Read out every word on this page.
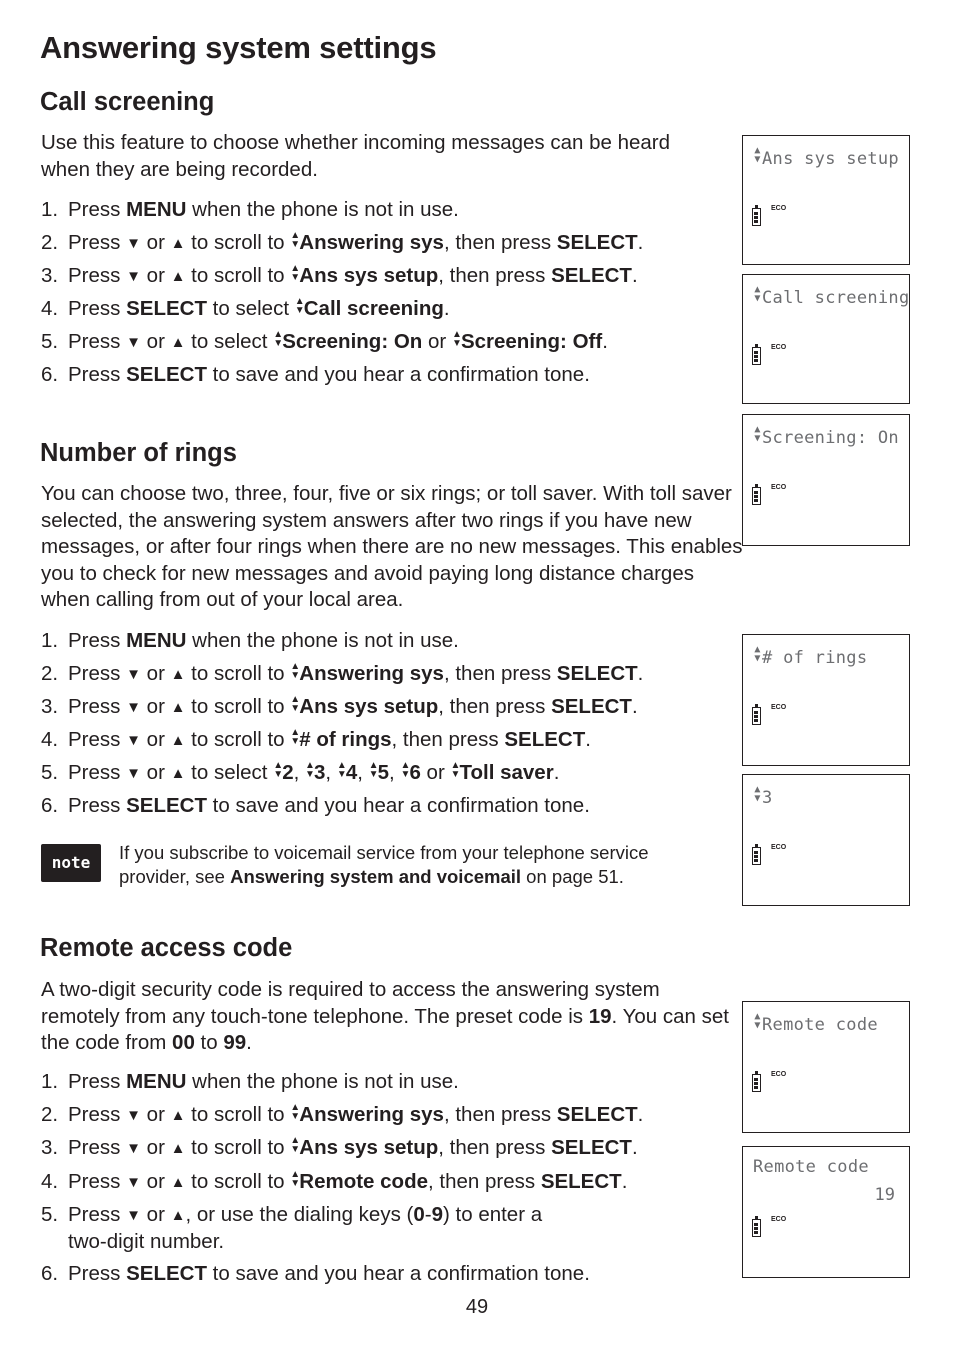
Answering system settings
Call screening

Use this feature to choose whether incoming messages can be heard when they are being recorded.

1. Press MENU when the phone is not in use.
2. Press ▼ or ▲ to scroll to ▲
▼ Answering sys, then press SELECT.
3. Press ▼ or ▲ to scroll to ▲
▼ Ans sys setup, then press SELECT.
4. Press SELECT to select ▲
▼ Call screening.
5. Press ▼ or ▲ to select ▲
▼ Screening: On or ▲
▼ Screening: Off.
6. Press SELECT to save and you hear a confirmation tone.
Number of rings

You can choose two, three, four, five or six rings; or toll saver. With toll saver selected, the answering system answers after two rings if you have new messages, or after four rings when there are no new messages. This enables you to check for new messages and avoid paying long distance charges when calling from out of your local area.

1. Press MENU when the phone is not in use.
2. Press ▼ or ▲ to scroll to ▲
▼ Answering sys, then press SELECT.
3. Press ▼ or ▲ to scroll to ▲
▼ Ans sys setup, then press SELECT.
4. Press ▼ or ▲ to scroll to ▲
▼ # of rings, then press SELECT.
5. Press ▼ or ▲ to select ▲
▼ 2, ▲
▼ 3, ▲
▼ 4, ▲
▼ 5, ▲
▼ 6 or ▲
▼ Toll saver.
6. Press SELECT to save and you hear a confirmation tone.
note	If you subscribe to voicemail service from your telephone service provider, see Answering system and voicemail on page 51.

Remote access code

A two-digit security code is required to access the answering system remotely from any touch-tone telephone. The preset code is 19. You can set the code from 00 to 99.

1. Press MENU when the phone is not in use.
2. Press ▼ or ▲ to scroll to ▲
▼ Answering sys, then press SELECT.
3. Press ▼ or ▲ to scroll to ▲
▼ Ans sys setup, then press SELECT.
4. Press ▼ or ▲ to scroll to ▲
▼ Remote code, then press SELECT.
5. Press ▼ or ▲, or use the dialing keys (0-9) to enter a
two-digit number.
6. Press SELECT to save and you hear a confirmation tone.
▲
▼ Ans sys setup
ECO
▲
▼ Call screening
ECO
▲
▼ Screening: On
ECO
▲
▼ # of rings
ECO
▲
▼ 3
ECO
▲
▼ Remote code
ECO
Remote code
19
ECO
49
